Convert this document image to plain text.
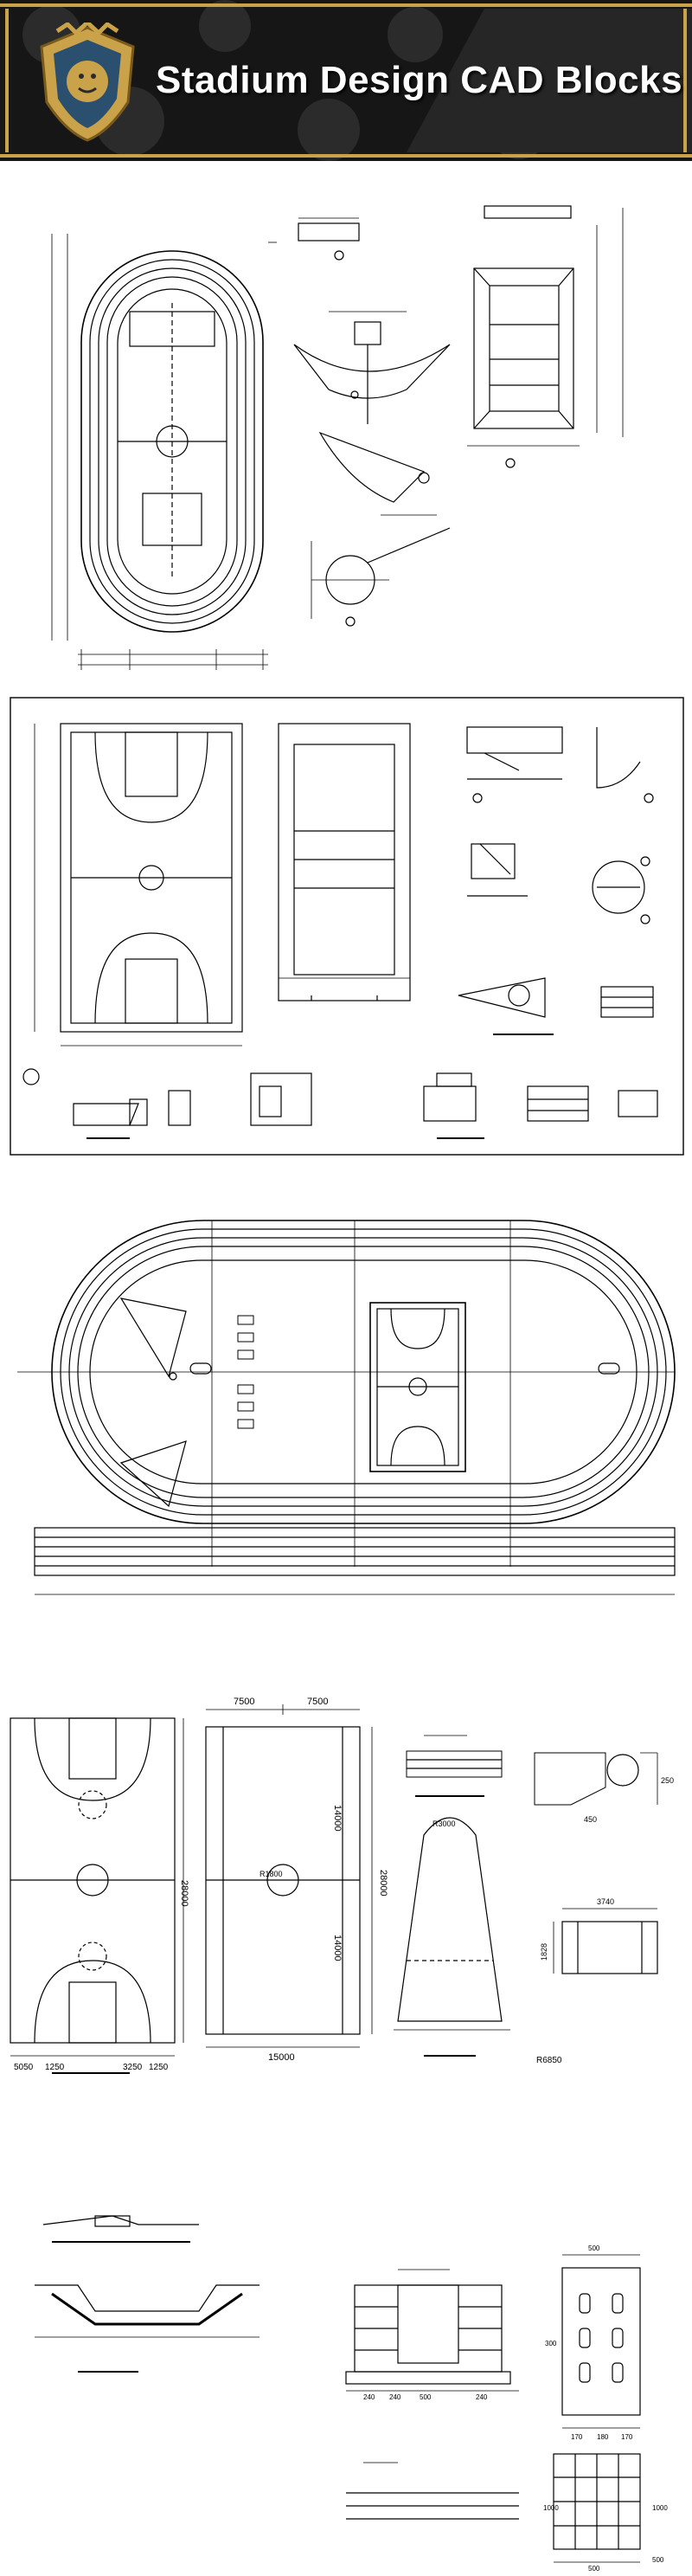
Stadium Design CAD Blocks
5050 1250	3250 1250
7500	7500
14000
14000
28000
15000
R1800
28000
R3000
R6850
250
450
3740
1828
500
300
240 240	500	240
170 180 170
500
1000	1000
500
